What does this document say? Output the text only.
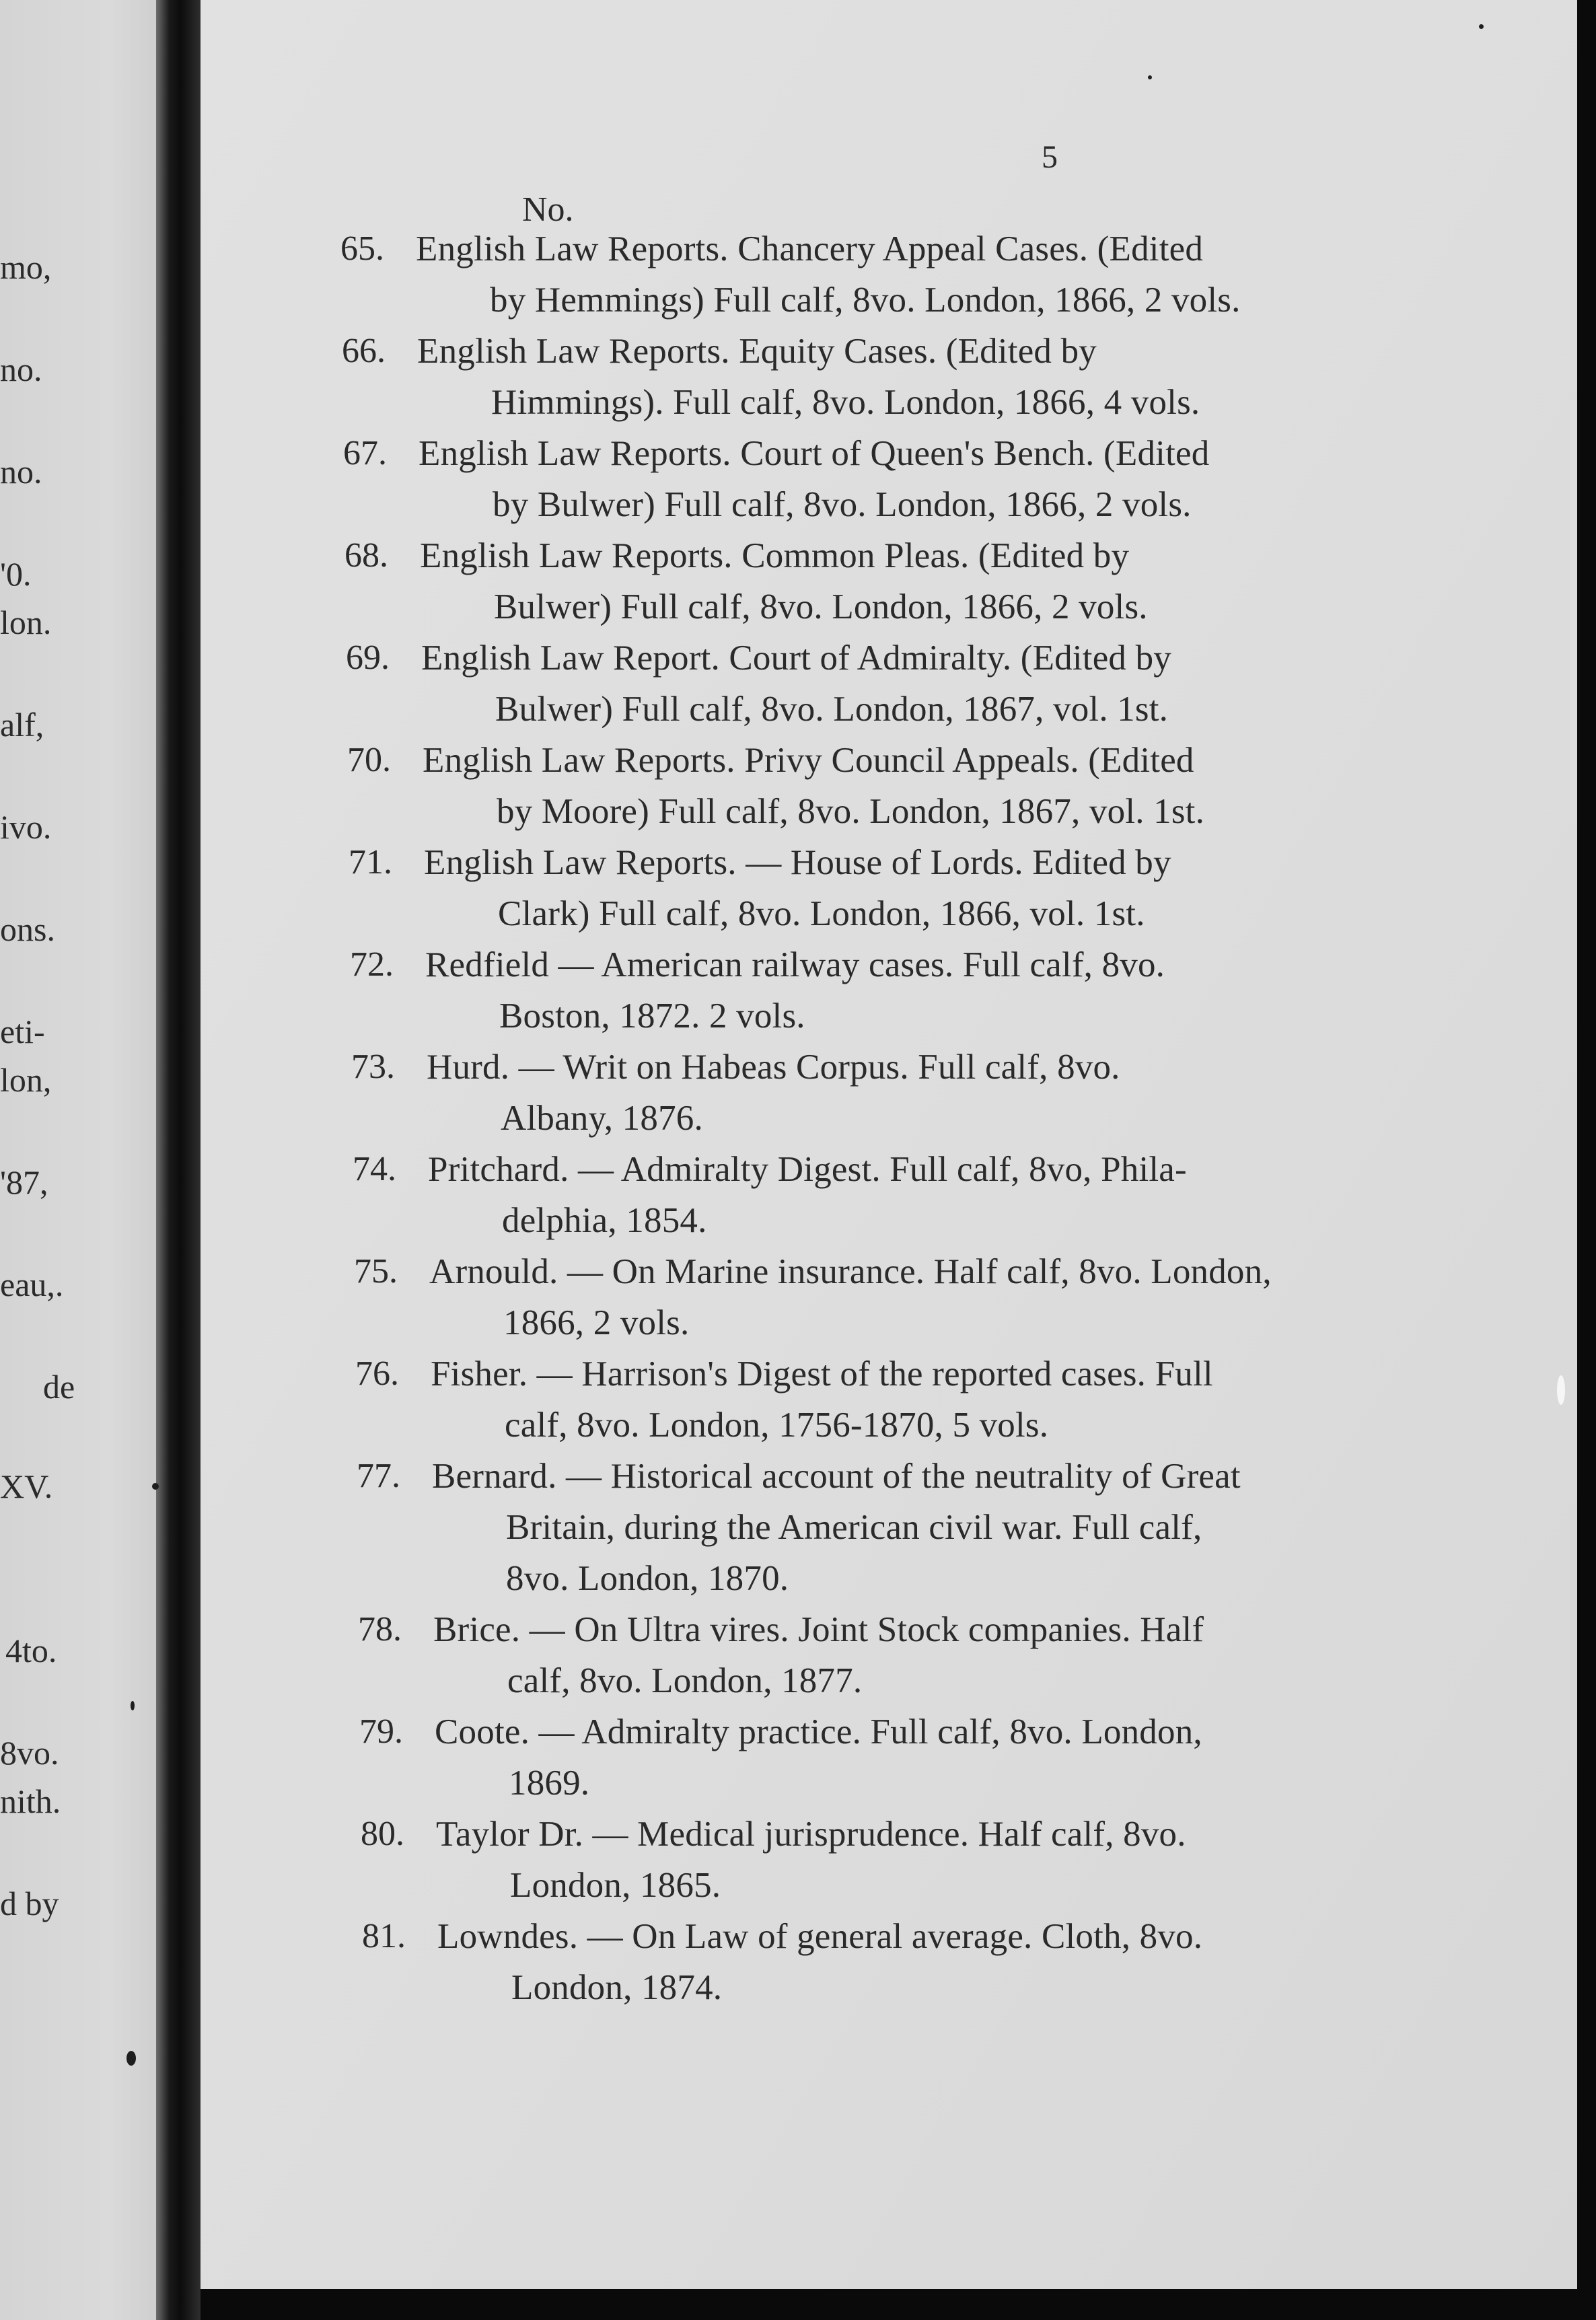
mo,
no.
no.
'0.
lon.
alf,
ivo.
ons.
eti-
lon,
'87,
eau,.
de
XV.
4to.
8vo.
nith.
d by
5
No.
65. English Law Reports. Chancery Appeal Cases. (Edited
by Hemmings) Full calf, 8vo. London, 1866, 2 vols.
66. English Law Reports. Equity Cases. (Edited by
Himmings). Full calf, 8vo. London, 1866, 4 vols.
67. English Law Reports. Court of Queen's Bench. (Edited
by Bulwer) Full calf, 8vo. London, 1866, 2 vols.
68. English Law Reports. Common Pleas. (Edited by
Bulwer) Full calf, 8vo. London, 1866, 2 vols.
69. English Law Report. Court of Admiralty. (Edited by
Bulwer) Full calf, 8vo. London, 1867, vol. 1st.
70. English Law Reports. Privy Council Appeals. (Edited
by Moore) Full calf, 8vo. London, 1867, vol. 1st.
71. English Law Reports. — House of Lords. Edited by
Clark) Full calf, 8vo. London, 1866, vol. 1st.
72. Redfield — American railway cases. Full calf, 8vo.
Boston, 1872. 2 vols.
73. Hurd. — Writ on Habeas Corpus. Full calf, 8vo.
Albany, 1876.
74. Pritchard. — Admiralty Digest. Full calf, 8vo, Phila-
delphia, 1854.
75. Arnould. — On Marine insurance. Half calf, 8vo. London,
1866, 2 vols.
76. Fisher. — Harrison's Digest of the reported cases. Full
calf, 8vo. London, 1756-1870, 5 vols.
77. Bernard. — Historical account of the neutrality of Great
Britain, during the American civil war. Full calf,
8vo. London, 1870.
78. Brice. — On Ultra vires. Joint Stock companies. Half
calf, 8vo. London, 1877.
79. Coote. — Admiralty practice. Full calf, 8vo. London,
1869.
80. Taylor Dr. — Medical jurisprudence. Half calf, 8vo.
London, 1865.
81. Lowndes. — On Law of general average. Cloth, 8vo.
London, 1874.
